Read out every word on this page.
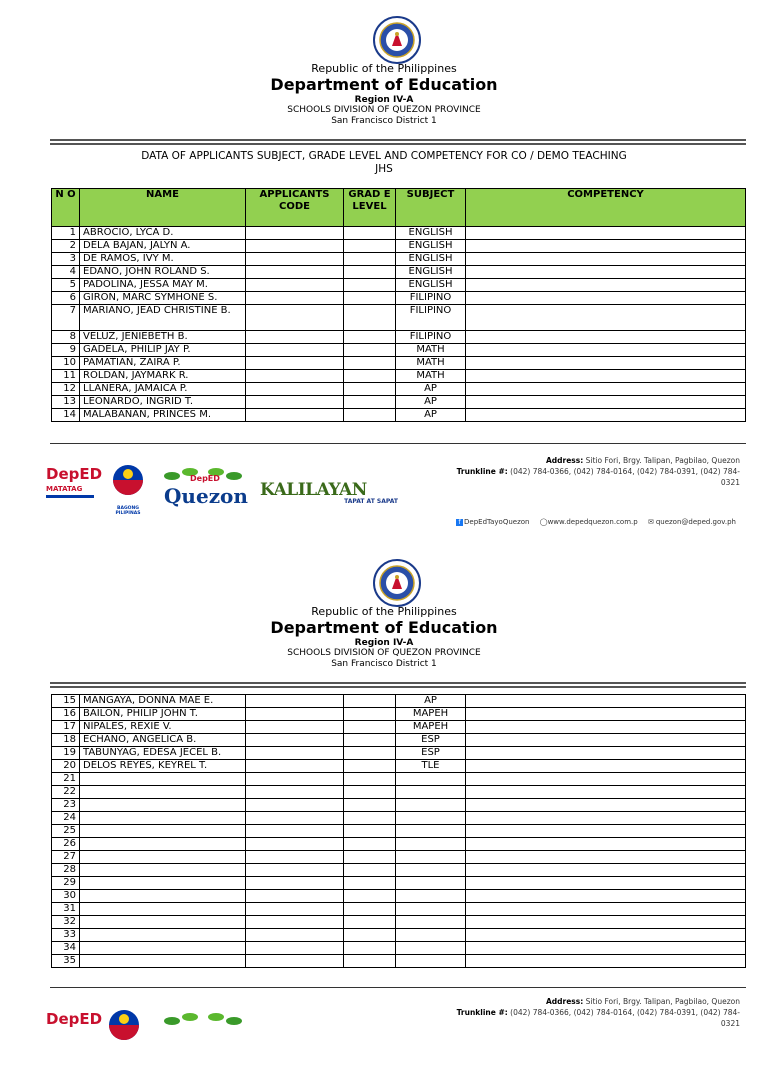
Republic of the Philippines
Department of Education
Region IV-A
SCHOOLS DIVISION OF QUEZON PROVINCE
San Francisco District 1
DATA OF APPLICANTS SUBJECT, GRADE LEVEL AND COMPETENCY FOR CO / DEMO TEACHING
JHS
N O	NAME	APPLICANTS CODE	GRAD E LEVEL	SUBJECT	COMPETENCY
1	ABROCIO, LYCA D.			ENGLISH	
2	DELA BAJAN, JALYN A.			ENGLISH	
3	DE RAMOS, IVY M.			ENGLISH	
4	EDAÑO, JOHN ROLAND S.			ENGLISH	
5	PADOLINA, JESSA MAY M.			ENGLISH	
6	GIRON, MARC SYMHONE S.			FILIPINO	
7	MARIANO, JEAD CHRISTINE B.			FILIPINO	
8	VELUZ, JENIEBETH B.			FILIPINO	
9	GADELA, PHILIP JAY P.			MATH	
10	PAMATIAN, ZAIRA P.			MATH	
11	ROLDAN, JAYMARK R.			MATH	
12	LLANERA, JAMAICA P.			AP	
13	LEONARDO, INGRID T.			AP	
14	MALABANAN, PRINCES M.			AP	
DepED
MATATAG
BAGONG PILIPINAS
DepED
Quezon KALILAYAN
TAPAT AT SAPAT
Address: Sitio Fori, Brgy. Talipan, Pagbilao, Quezon
Trunkline #: (042) 784-0366, (042) 784-0164, (042) 784-0391, (042) 784-0321
f DepEdTayoQuezon ◯www.depedquezon.com.p ✉ quezon@deped.gov.ph
Republic of the Philippines
Department of Education
Region IV-A
SCHOOLS DIVISION OF QUEZON PROVINCE
San Francisco District 1
15	MANGAYA, DONNA MAE E.			AP	
16	BAILON, PHILIP JOHN T.			MAPEH	
17	NIPALES, REXIE V.			MAPEH	
18	ECHANO, ANGELICA B.			ESP	
19	TABUNYAG, EDESA JECEL B.			ESP	
20	DELOS REYES, KEYREL T.			TLE	
21					
22					
23					
24					
25					
26					
27					
28					
29					
30					
31					
32					
33					
34					
35					
Address: Sitio Fori, Brgy. Talipan, Pagbilao, Quezon
Trunkline #: (042) 784-0366, (042) 784-0164, (042) 784-0391, (042) 784-0321
DepED
